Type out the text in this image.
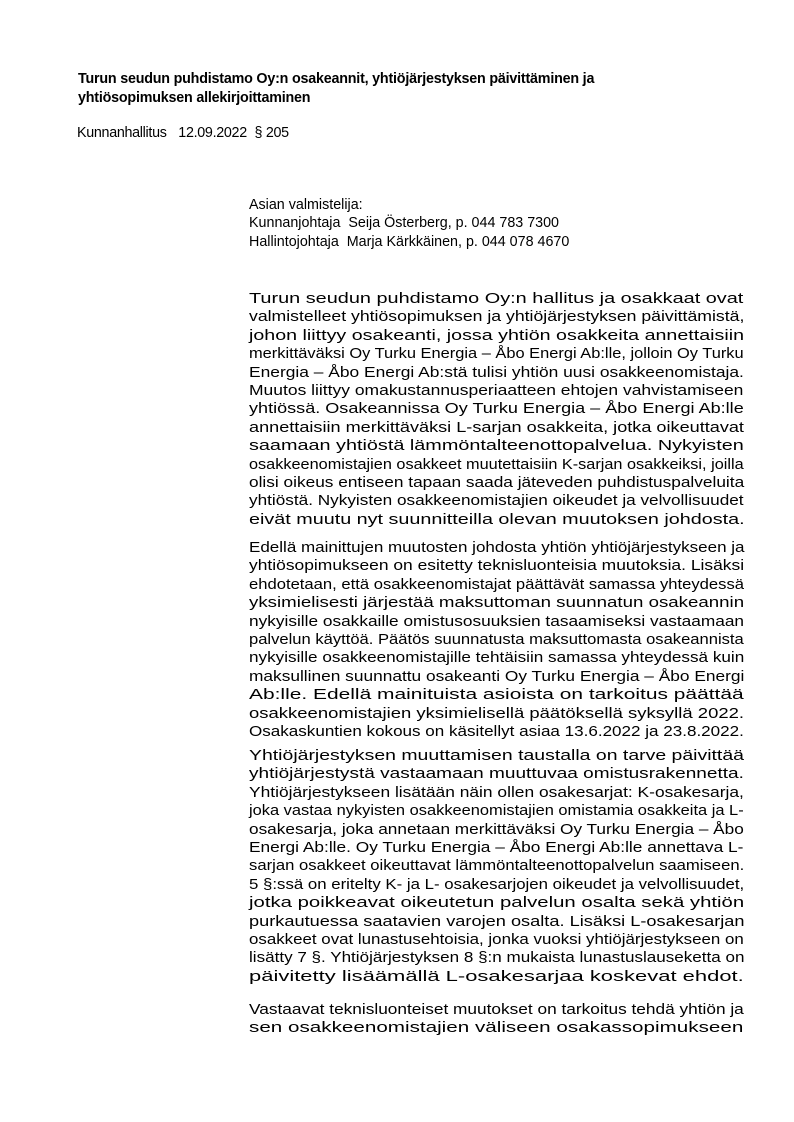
Turun seudun puhdistamo Oy:n osakeannit, yhtiöjärjestyksen päivittäminen ja
yhtiösopimuksen allekirjoittaminen
Kunnanhallitus 12.09.2022 § 205
Asian valmistelija:
Kunnanjohtaja  Seija Österberg, p. 044 783 7300
Hallintojohtaja  Marja Kärkkäinen, p. 044 078 4670
Turun seudun puhdistamo Oy:n hallitus ja osakkaat ovat
valmistelleet yhtiösopimuksen ja yhtiöjärjestyksen päivittämistä,
johon liittyy osakeanti, jossa yhtiön osakkeita annettaisiin
merkittäväksi Oy Turku Energia – Åbo Energi Ab:lle, jolloin Oy Turku
Energia – Åbo Energi Ab:stä tulisi yhtiön uusi osakkeenomistaja.
Muutos liittyy omakustannusperiaatteen ehtojen vahvistamiseen
yhtiössä. Osakeannissa Oy Turku Energia – Åbo Energi Ab:lle
annettaisiin merkittäväksi L-sarjan osakkeita, jotka oikeuttavat
saamaan yhtiöstä lämmöntalteenottopalvelua. Nykyisten
osakkeenomistajien osakkeet muutettaisiin K-sarjan osakkeiksi, joilla
olisi oikeus entiseen tapaan saada jäteveden puhdistuspalveluita
yhtiöstä. Nykyisten osakkeenomistajien oikeudet ja velvollisuudet
eivät muutu nyt suunnitteilla olevan muutoksen johdosta.
Edellä mainittujen muutosten johdosta yhtiön yhtiöjärjestykseen ja
yhtiösopimukseen on esitetty teknisluonteisia muutoksia. Lisäksi
ehdotetaan, että osakkeenomistajat päättävät samassa yhteydessä
yksimielisesti järjestää maksuttoman suunnatun osakeannin
nykyisille osakkaille omistusosuuksien tasaamiseksi vastaamaan
palvelun käyttöä. Päätös suunnatusta maksuttomasta osakeannista
nykyisille osakkeenomistajille tehtäisiin samassa yhteydessä kuin
maksullinen suunnattu osakeanti Oy Turku Energia – Åbo Energi
Ab:lle. Edellä mainituista asioista on tarkoitus päättää
osakkeenomistajien yksimielisellä päätöksellä syksyllä 2022.
Osakaskuntien kokous on käsitellyt asiaa 13.6.2022 ja 23.8.2022.
Yhtiöjärjestyksen muuttamisen taustalla on tarve päivittää
yhtiöjärjestystä vastaamaan muuttuvaa omistusrakennetta.
Yhtiöjärjestykseen lisätään näin ollen osakesarjat: K-osakesarja,
joka vastaa nykyisten osakkeenomistajien omistamia osakkeita ja L-
osakesarja, joka annetaan merkittäväksi Oy Turku Energia – Åbo
Energi Ab:lle. Oy Turku Energia – Åbo Energi Ab:lle annettava L-
sarjan osakkeet oikeuttavat lämmöntalteenottopalvelun saamiseen.
5 §:ssä on eritelty K- ja L- osakesarjojen oikeudet ja velvollisuudet,
jotka poikkeavat oikeutetun palvelun osalta sekä yhtiön
purkautuessa saatavien varojen osalta. Lisäksi L-osakesarjan
osakkeet ovat lunastusehtoisia, jonka vuoksi yhtiöjärjestykseen on
lisätty 7 §. Yhtiöjärjestyksen 8 §:n mukaista lunastuslauseketta on
päivitetty lisäämällä L-osakesarjaa koskevat ehdot.
Vastaavat teknisluonteiset muutokset on tarkoitus tehdä yhtiön ja
sen osakkeenomistajien väliseen osakassopimukseen
